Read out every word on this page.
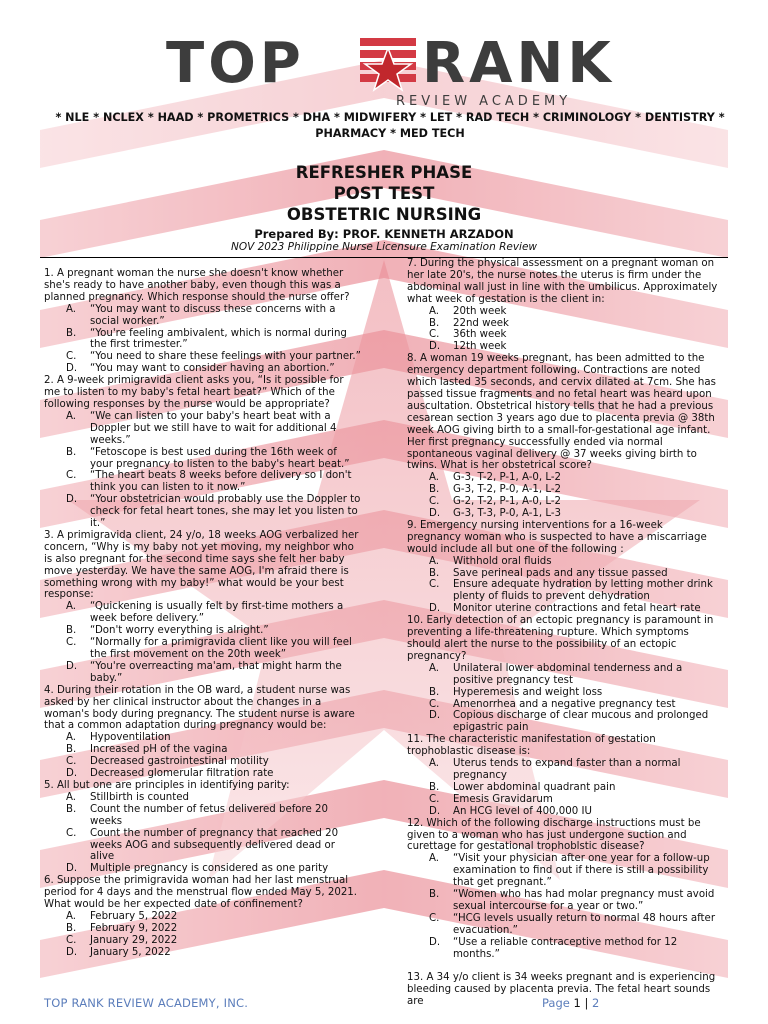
TOP RANK
REVIEW ACADEMY
* NLE * NCLEX * HAAD * PROMETRICS * DHA * MIDWIFERY * LET * RAD TECH * CRIMINOLOGY * DENTISTRY * PHARMACY * MED TECH

REFRESHER PHASE

POST TEST

OBSTETRIC NURSING

Prepared By: PROF. KENNETH ARZADON
NOV 2023 Philippine Nurse Licensure Examination Review

1. A pregnant woman the nurse she doesn't know whether she's ready to have another baby, even though this was a planned pregnancy. Which response should the nurse offer?

A.	“You may want to discuss these concerns with a social worker.”
B.	“You're feeling ambivalent, which is normal during the first trimester.”
C.	“You need to share these feelings with your partner.”
D.	“You may want to consider having an abortion.”

2. A 9-week primigravida client asks you, “Is it possible for me to listen to my baby's fetal heart beat?” Which of the following responses by the nurse would be appropriate?

A.	“We can listen to your baby's heart beat with a Doppler but we still have to wait for additional 4 weeks.”
B.	“Fetoscope is best used during the 16th week of your pregnancy to listen to the baby's heart beat.”
C.	“The heart beats 8 weeks before delivery so I don't think you can listen to it now.”
D.	“Your obstetrician would probably use the Doppler to check for fetal heart tones, she may let you listen to it.”

3. A primigravida client, 24 y/o, 18 weeks AOG verbalized her concern, “Why is my baby not yet moving, my neighbor who is also pregnant for the second time says she felt her baby move yesterday. We have the same AOG, I'm afraid there is something wrong with my baby!” what would be your best response:

A.	“Quickening is usually felt by first-time mothers a week before delivery.”
B.	“Don't worry everything is alright.”
C.	“Normally for a primigravida client like you will feel the first movement on the 20th week”
D.	“You're overreacting ma'am, that might harm the baby.”

4. During their rotation in the OB ward, a student nurse was asked by her clinical instructor about the changes in a woman's body during pregnancy. The student nurse is aware that a common adaptation during pregnancy would be:

A.	Hypoventilation
B.	Increased pH of the vagina
C.	Decreased gastrointestinal motility
D.	Decreased glomerular filtration rate

5. All but one are principles in identifying parity:

A.	Stillbirth is counted
B.	Count the number of fetus delivered before 20 weeks
C.	Count the number of pregnancy that reached 20 weeks AOG and subsequently delivered dead or alive
D.	Multiple pregnancy is considered as one parity

6. Suppose the primigravida woman had her last menstrual period for 4 days and the menstrual flow ended May 5, 2021. What would be her expected date of confinement?

A.	February 5, 2022
B.	February 9, 2022
C.	January 29, 2022
D.	January 5, 2022

7. During the physical assessment on a pregnant woman on her late 20's, the nurse notes the uterus is firm under the abdominal wall just in line with the umbilicus. Approximately what week of gestation is the client in:

A.	20th week
B.	22nd week
C.	36th week
D.	12th week

8. A woman 19 weeks pregnant, has been admitted to the emergency department following. Contractions are noted which lasted 35 seconds, and cervix dilated at 7cm. She has passed tissue fragments and no fetal heart was heard upon auscultation. Obstetrical history tells that he had a previous cesarean section 3 years ago due to placenta previa @ 38th week AOG giving birth to a small-for-gestational age infant. Her first pregnancy successfully ended via normal spontaneous vaginal delivery @ 37 weeks giving birth to twins. What is her obstetrical score?

A.	G-3, T-2, P-1, A-0, L-2
B.	G-3, T-2, P-0, A-1, L-2
C.	G-2, T-2, P-1, A-0, L-2
D.	G-3, T-3, P-0, A-1, L-3

9. Emergency nursing interventions for a 16-week pregnancy woman who is suspected to have a miscarriage would include all but one of the following :

A.	Withhold oral fluids
B.	Save perineal pads and any tissue passed
C.	Ensure adequate hydration by letting mother drink plenty of fluids to prevent dehydration
D.	Monitor uterine contractions and fetal heart rate

10. Early detection of an ectopic pregnancy is paramount in preventing a life-threatening rupture. Which symptoms should alert the nurse to the possibility of an ectopic pregnancy?

A.	Unilateral lower abdominal tenderness and a positive pregnancy test
B.	Hyperemesis and weight loss
C.	Amenorrhea and a negative pregnancy test
D.	Copious discharge of clear mucous and prolonged epigastric pain

11. The characteristic manifestation of gestation trophoblastic disease is:

A.	Uterus tends to expand faster than a normal pregnancy
B.	Lower abdominal quadrant pain
C.	Emesis Gravidarum
D.	An HCG level of 400,000 IU

12. Which of the following discharge instructions must be given to a woman who has just undergone suction and curettage for gestational trophoblstic disease?

A.	“Visit your physician after one year for a follow-up examination to find out if there is still a possibility that get pregnant.”
B.	“Women who has had molar pregnancy must avoid sexual intercourse for a year or two.”
C.	“HCG levels usually return to normal 48 hours after evacuation.”
D.	“Use a reliable contraceptive method for 12 months.”

13. A 34 y/o client is 34 weeks pregnant and is experiencing bleeding caused by placenta previa. The fetal heart sounds are

TOP RANK REVIEW ACADEMY, INC.	Page 1 | 2
